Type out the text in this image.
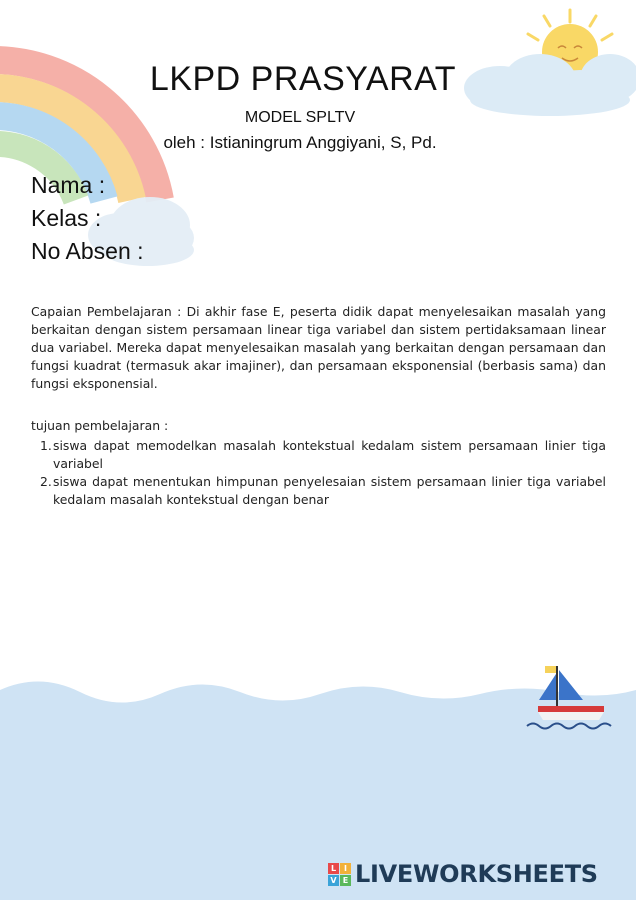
LKPD PRASYARAT
MODEL SPLTV
oleh : Istianingrum Anggiyani, S, Pd.
Nama :
Kelas :
No Absen :
Capaian Pembelajaran : Di akhir fase E, peserta didik dapat menyelesaikan masalah yang berkaitan dengan sistem persamaan linear tiga variabel dan sistem pertidaksamaan linear dua variabel. Mereka dapat menyelesaikan masalah yang berkaitan dengan persamaan dan fungsi kuadrat (termasuk akar imajiner), dan persamaan eksponensial (berbasis sama) dan fungsi eksponensial.
tujuan pembelajaran :
1. siswa dapat memodelkan masalah kontekstual kedalam sistem persamaan linier tiga variabel
2. siswa dapat menentukan himpunan penyelesaian sistem persamaan linier tiga variabel kedalam masalah kontekstual dengan benar
L I
V E LIVEWORKSHEETS
